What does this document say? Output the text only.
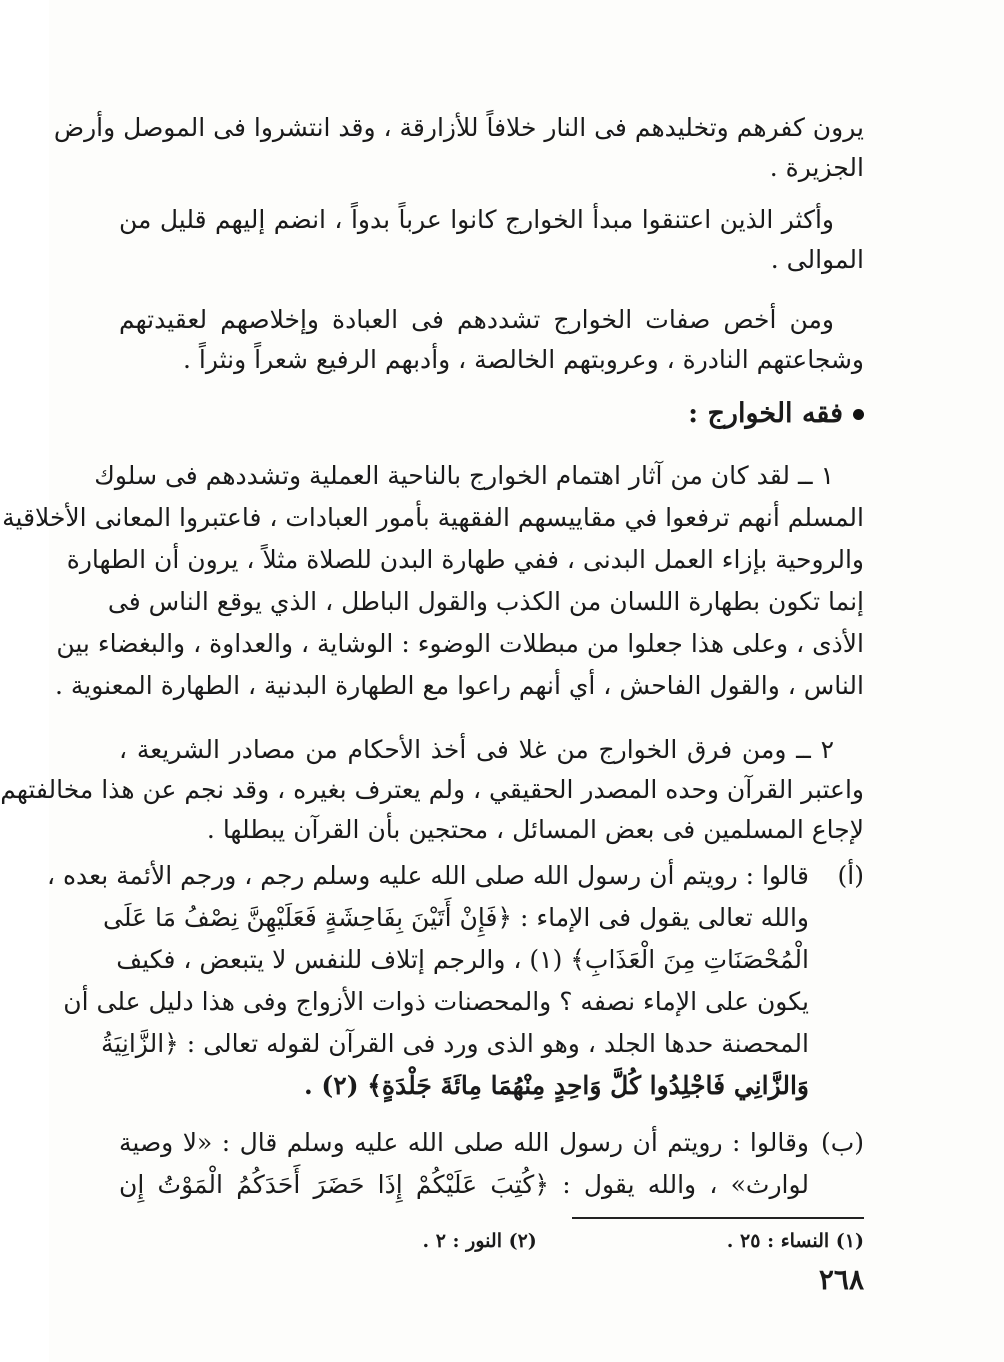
يرون كفرهم وتخليدهم فى النار خلافاً للأزارقة ، وقد انتشروا فى الموصل وأرض
الجزيرة .
وأكثر الذين اعتنقوا مبدأ الخوارج كانوا عرباً بدواً ، انضم إليهم قليل من
الموالى .
ومن أخص صفات الخوارج تشددهم فى العبادة وإخلاصهم لعقيدتهم
وشجاعتهم النادرة ، وعروبتهم الخالصة ، وأدبهم الرفيع شعراً ونثراً .
فقه الخوارج :
١ ــ لقد كان من آثار اهتمام الخوارج بالناحية العملية وتشددهم فى سلوك
المسلم أنهم ترفعوا في مقاييسهم الفقهية بأمور العبادات ، فاعتبروا المعانى الأخلاقية
والروحية بإزاء العمل البدنى ، ففي طهارة البدن للصلاة مثلاً ، يرون أن الطهارة
إنما تكون بطهارة اللسان من الكذب والقول الباطل ، الذي يوقع الناس فى
الأذى ، وعلى هذا جعلوا من مبطلات الوضوء : الوشاية ، والعداوة ، والبغضاء بين
الناس ، والقول الفاحش ، أي أنهم راعوا مع الطهارة البدنية ، الطهارة المعنوية .
٢ ــ ومن فرق الخوارج من غلا فى أخذ الأحكام من مصادر الشريعة ،
واعتبر القرآن وحده المصدر الحقيقي ، ولم يعترف بغيره ، وقد نجم عن هذا مخالفتهم
لإجاع المسلمين فى بعض المسائل ، محتجين بأن القرآن يبطلها .
(أ)
قالوا : رويتم أن رسول الله صلى الله عليه وسلم رجم ، ورجم الأئمة بعده ،
والله تعالى يقول فى الإماء : ﴿فَإِنْ أَتَيْنَ بِفَاحِشَةٍ فَعَلَيْهِنَّ نِصْفُ مَا عَلَى
الْمُحْصَنَاتِ مِنَ الْعَذَابِ﴾ (١) ، والرجم إتلاف للنفس لا يتبعض ، فكيف
يكون على الإماء نصفه ؟ والمحصنات ذوات الأزواج وفى هذا دليل على أن
المحصنة حدها الجلد ، وهو الذى ورد فى القرآن لقوله تعالى : ﴿الزَّانِيَةُ
وَالزَّانِي فَاجْلِدُوا كُلَّ وَاحِدٍ مِنْهُمَا مِائَةَ جَلْدَةٍ﴾ (٢) .
(ب)
وقالوا : رويتم أن رسول الله صلى الله عليه وسلم قال : «لا وصية
لوارث» ، والله يقول : ﴿كُتِبَ عَلَيْكُمْ إِذَا حَضَرَ أَحَدَكُمُ الْمَوْتُ إِن
(١) النساء : ٢٥ .
(٢) النور : ٢ .
٢٦٨
